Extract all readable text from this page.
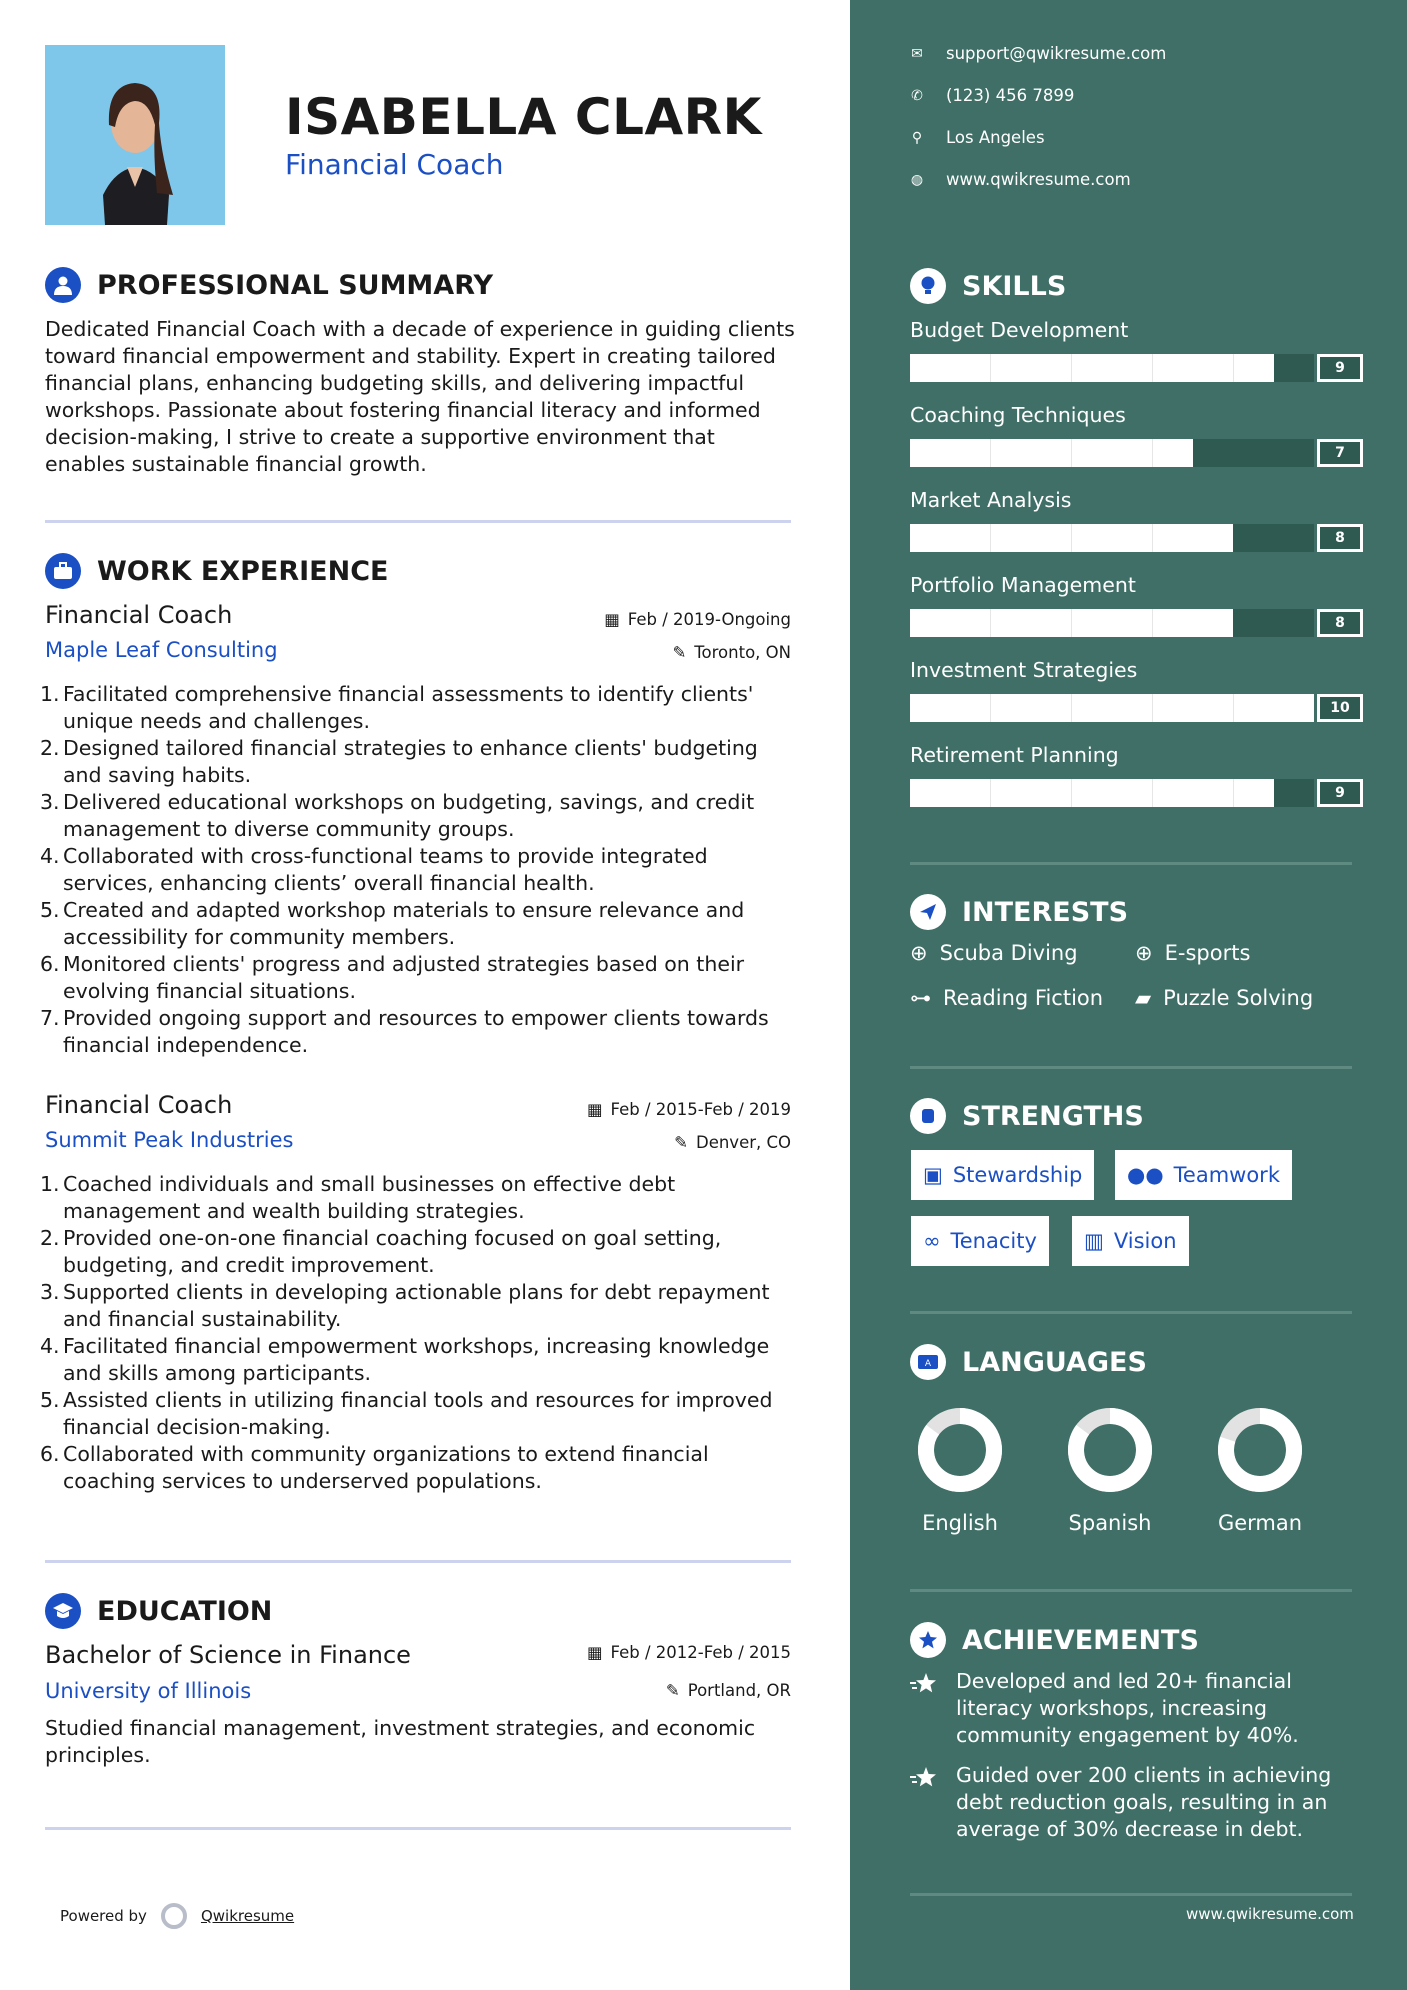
ISABELLA CLARK
Financial Coach
PROFESSIONAL SUMMARY
Dedicated Financial Coach with a decade of experience in guiding clients toward financial empowerment and stability. Expert in creating tailored financial plans, enhancing budgeting skills, and delivering impactful workshops. Passionate about fostering financial literacy and informed decision-making, I strive to create a supportive environment that enables sustainable financial growth.
WORK EXPERIENCE
Financial Coach	▦ Feb / 2019-Ongoing
Maple Leaf Consulting	✎ Toronto, ON
Facilitated comprehensive financial assessments to identify clients' unique needs and challenges.
Designed tailored financial strategies to enhance clients' budgeting and saving habits.
Delivered educational workshops on budgeting, savings, and credit management to diverse community groups.
Collaborated with cross-functional teams to provide integrated services, enhancing clients’ overall financial health.
Created and adapted workshop materials to ensure relevance and accessibility for community members.
Monitored clients' progress and adjusted strategies based on their evolving financial situations.
Provided ongoing support and resources to empower clients towards financial independence.
Financial Coach	▦ Feb / 2015-Feb / 2019
Summit Peak Industries	✎ Denver, CO
Coached individuals and small businesses on effective debt management and wealth building strategies.
Provided one-on-one financial coaching focused on goal setting, budgeting, and credit improvement.
Supported clients in developing actionable plans for debt repayment and financial sustainability.
Facilitated financial empowerment workshops, increasing knowledge and skills among participants.
Assisted clients in utilizing financial tools and resources for improved financial decision-making.
Collaborated with community organizations to extend financial coaching services to underserved populations.
EDUCATION
Bachelor of Science in Finance	▦ Feb / 2012-Feb / 2015
University of Illinois	✎ Portland, OR
Studied financial management, investment strategies, and economic principles.
Powered by	Qwikresume
✉ support@qwikresume.com
✆ (123) 456 7899
⚲ Los Angeles
◍ www.qwikresume.com
SKILLS
Budget Development
9
Coaching Techniques
7
Market Analysis
8
Portfolio Management
8
Investment Strategies
10
Retirement Planning
9
INTERESTS
⊕ Scuba Diving	⊕ E-sports
⊶ Reading Fiction ▰ Puzzle Solving
STRENGTHS
▣ Stewardship ●● Teamwork
∞ Tenacity ▥ Vision
A LANGUAGES
English	Spanish	German
ACHIEVEMENTS
Developed and led 20+ financial literacy workshops, increasing community engagement by 40%.
Guided over 200 clients in achieving debt reduction goals, resulting in an average of 30% decrease in debt.
www.qwikresume.com
